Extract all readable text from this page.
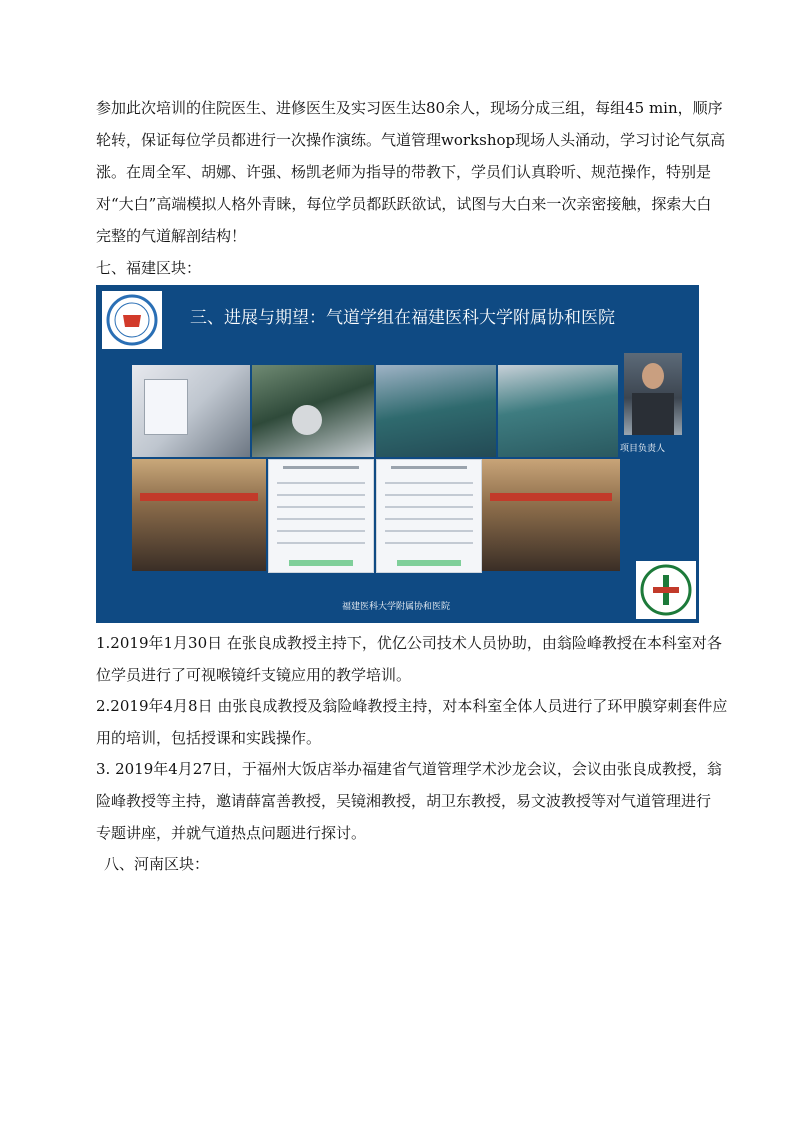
参加此次培训的住院医生、进修医生及实习医生达80余人，现场分成三组，每组45 min，顺序
轮转，保证每位学员都进行一次操作演练。气道管理workshop现场人头涌动，学习讨论气氛高
涨。在周全军、胡娜、许强、杨凯老师为指导的带教下，学员们认真聆听、规范操作，特别是
对“大白”高端模拟人格外青睐，每位学员都跃跃欲试，试图与大白来一次亲密接触，探索大白
完整的气道解剖结构！
七、福建区块：
三、进展与期望：气道学组在福建医科大学附属协和医院
项目负责人
福建医科大学附属协和医院
1.2019年1月30日 在张良成教授主持下，优亿公司技术人员协助，由翁险峰教授在本科室对各
位学员进行了可视喉镜纤支镜应用的教学培训。
2.2019年4月8日 由张良成教授及翁险峰教授主持，对本科室全体人员进行了环甲膜穿刺套件应
用的培训，包括授课和实践操作。
3. 2019年4月27日，于福州大饭店举办福建省气道管理学术沙龙会议，会议由张良成教授，翁
险峰教授等主持，邀请薛富善教授，吴镜湘教授，胡卫东教授，易文波教授等对气道管理进行
专题讲座，并就气道热点问题进行探讨。
八、河南区块：
